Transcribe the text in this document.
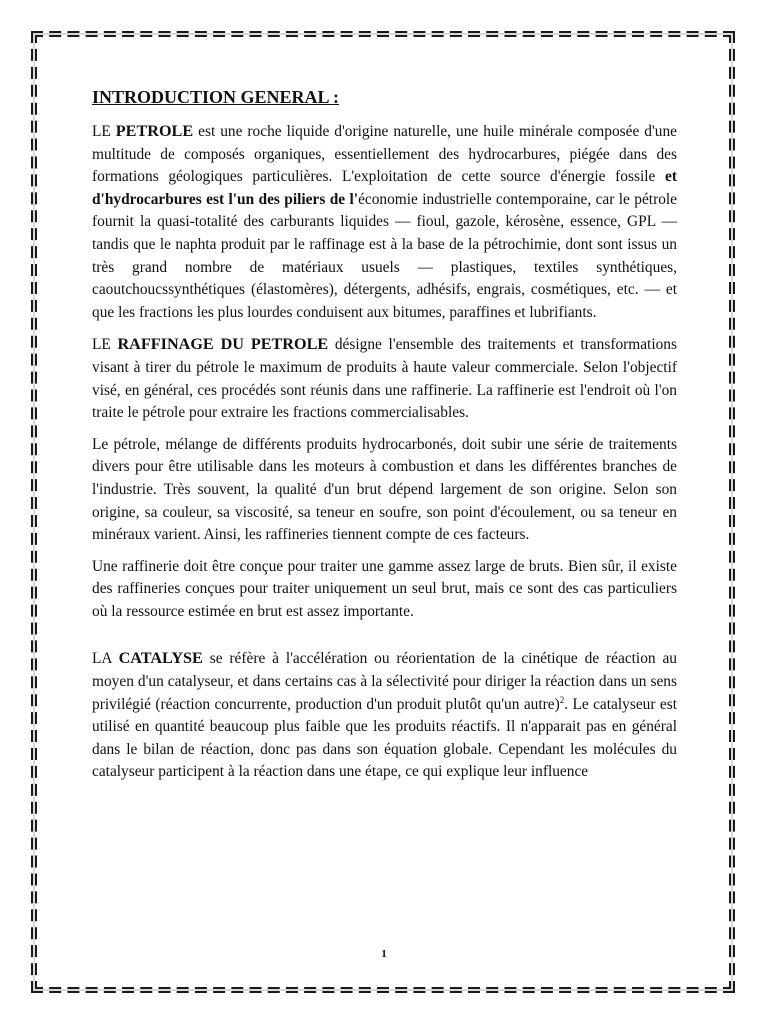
INTRODUCTION GENERAL :

LE PETROLE est une roche liquide d'origine naturelle, une huile minérale composée d'une multitude de composés organiques, essentiellement des hydrocarbures, piégée dans des formations géologiques particulières. L'exploitation de cette source d'énergie fossile et d'hydrocarbures est l'un des piliers de l'économie industrielle contemporaine, car le pétrole fournit la quasi-totalité des carburants liquides — fioul, gazole, kérosène, essence, GPL — tandis que le naphta produit par le raffinage est à la base de la pétrochimie, dont sont issus un très grand nombre de matériaux usuels — plastiques, textiles synthétiques, caoutchoucssynthétiques (élastomères), détergents, adhésifs, engrais, cosmétiques, etc. — et que les fractions les plus lourdes conduisent aux bitumes, paraffines et lubrifiants.

LE RAFFINAGE DU PETROLE désigne l'ensemble des traitements et transformations visant à tirer du pétrole le maximum de produits à haute valeur commerciale. Selon l'objectif visé, en général, ces procédés sont réunis dans une raffinerie. La raffinerie est l'endroit où l'on traite le pétrole pour extraire les fractions commercialisables.

Le pétrole, mélange de différents produits hydrocarbonés, doit subir une série de traitements divers pour être utilisable dans les moteurs à combustion et dans les différentes branches de l'industrie. Très souvent, la qualité d'un brut dépend largement de son origine. Selon son origine, sa couleur, sa viscosité, sa teneur en soufre, son point d'écoulement, ou sa teneur en minéraux varient. Ainsi, les raffineries tiennent compte de ces facteurs.

Une raffinerie doit être conçue pour traiter une gamme assez large de bruts. Bien sûr, il existe des raffineries conçues pour traiter uniquement un seul brut, mais ce sont des cas particuliers où la ressource estimée en brut est assez importante.

LA CATALYSE se réfère à l'accélération ou réorientation de la cinétique de réaction au moyen d'un catalyseur, et dans certains cas à la sélectivité pour diriger la réaction dans un sens privilégié (réaction concurrente, production d'un produit plutôt qu'un autre)$^2$. Le catalyseur est utilisé en quantité beaucoup plus faible que les produits réactifs. Il n'apparait pas en général dans le bilan de réaction, donc pas dans son équation globale. Cependant les molécules du catalyseur participent à la réaction dans une étape, ce qui explique leur influence

1
